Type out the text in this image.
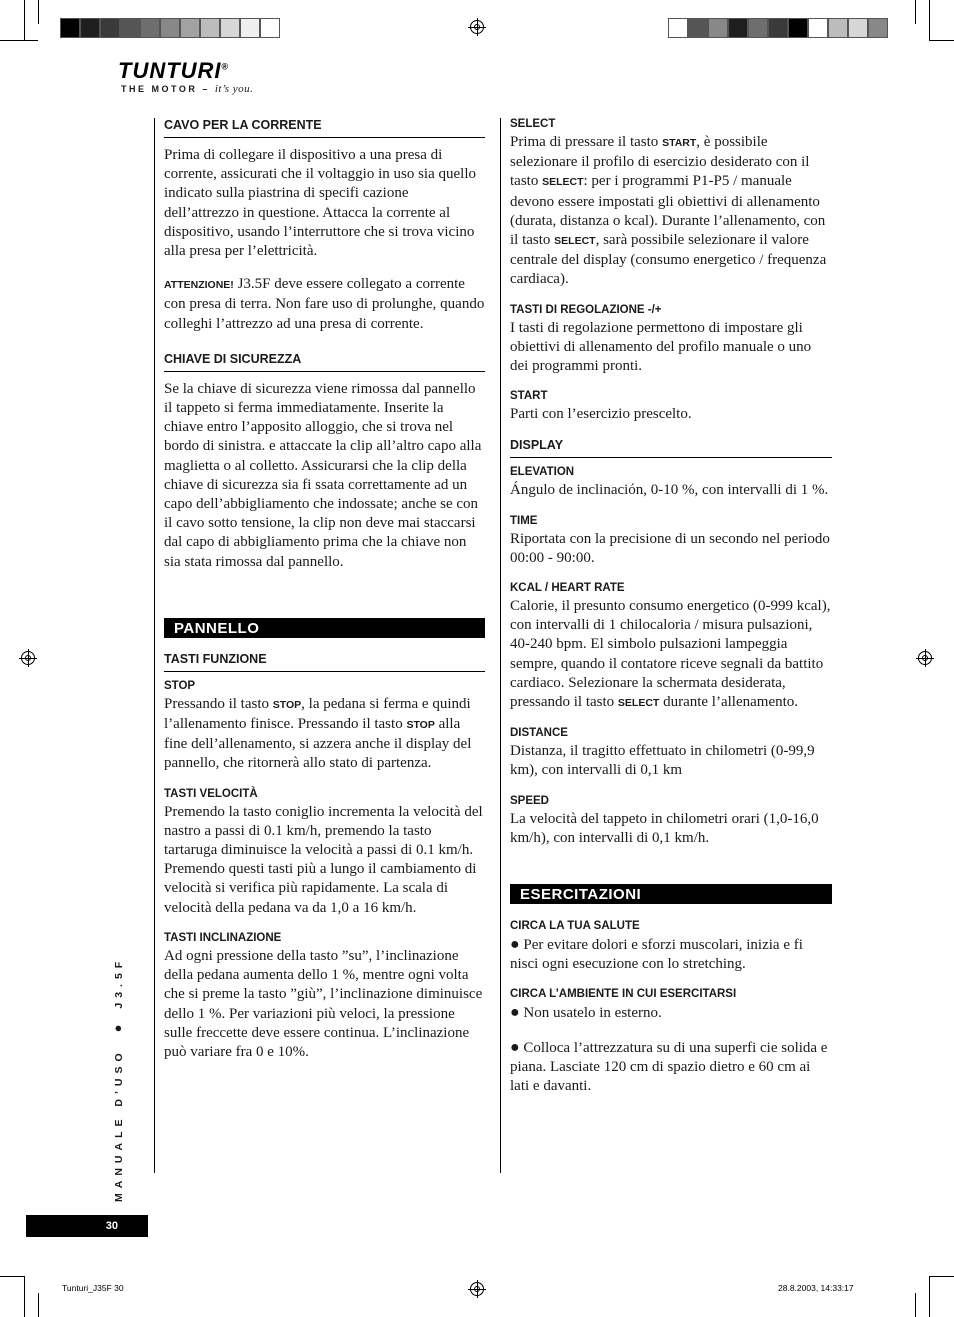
TUNTURI®
THE MOTOR – it’s you.
CAVO PER LA CORRENTE
Prima di collegare il dispositivo a una presa di corrente, assicurati che il voltaggio in uso sia quello indicato sulla piastrina di specifi cazione dell’attrezzo in questione. Attacca la corrente al dispositivo, usando l’interruttore che si trova vicino alla presa per l’elettricità.
ATTENZIONE! J3.5F deve essere collegato a corrente con presa di terra. Non fare uso di prolunghe, quando colleghi l’attrezzo ad una presa di corrente.
CHIAVE DI SICUREZZA
Se la chiave di sicurezza viene rimossa dal pannello il tappeto si ferma immediatamente. Inserite la chiave entro l’apposito alloggio, che si trova nel bordo di sinistra. e attaccate la clip all’altro capo alla maglietta o al colletto. Assicurarsi che la clip della chiave di sicurezza sia fi ssata correttamente ad un capo dell’abbigliamento che indossate; anche se con il cavo sotto tensione, la clip non deve mai staccarsi dal capo di abbigliamento prima che la chiave non sia stata rimossa dal pannello.
PANNELLO
TASTI FUNZIONE
STOP
Pressando il tasto STOP, la pedana si ferma e quindi l’allenamento finisce. Pressando il tasto STOP alla fine dell’allenamento, si azzera anche il display del pannello, che ritornerà allo stato di partenza.
TASTI VELOCITÀ
Premendo la tasto coniglio incrementa la velocità del nastro a passi di 0.1 km/h, premendo la tasto tartaruga diminuisce la velocità a passi di 0.1 km/h. Premendo questi tasti più a lungo il cambiamento di velocità si verifica più rapidamente. La scala di velocità della pedana va da 1,0 a 16 km/h.
TASTI INCLINAZIONE
Ad ogni pressione della tasto ”su”, l’inclinazione della pedana aumenta dello 1 %, mentre ogni volta che si preme la tasto ”giù”, l’inclinazione diminuisce dello 1 %. Per variazioni più veloci, la pressione sulle freccette deve essere continua. L’inclinazione può variare fra 0 e 10%.
SELECT
Prima di pressare il tasto START, è possibile selezionare il profilo di esercizio desiderato con il tasto SELECT: per i programmi P1-P5 / manuale devono essere impostati gli obiettivi di allenamento (durata, distanza o kcal). Durante l’allenamento, con il tasto SELECT, sarà possibile selezionare il valore centrale del display (consumo energetico / frequenza cardiaca).
TASTI DI REGOLAZIONE -/+
I tasti di regolazione permettono di impostare gli obiettivi di allenamento del profilo manuale o uno dei programmi pronti.
START
Parti con l’esercizio prescelto.
DISPLAY
ELEVATION
Ángulo de inclinación, 0-10 %, con intervalli di 1 %.
TIME
Riportata con la precisione di un secondo nel periodo 00:00 - 90:00.
KCAL / HEART RATE
Calorie, il presunto consumo energetico (0-999 kcal), con intervalli di 1 chilocaloria / misura pulsazioni, 40-240 bpm. El simbolo pulsazioni lampeggia sempre, quando il contatore riceve segnali da battito cardiaco. Selezionare la schermata desiderata, pressando il tasto SELECT durante l’allenamento.
DISTANCE
Distanza, il tragitto effettuato in chilometri (0-99,9 km), con intervalli di 0,1 km
SPEED
La velocità del tappeto in chilometri orari (1,0-16,0 km/h), con intervalli di 0,1 km/h.
ESERCITAZIONI
CIRCA LA TUA SALUTE
● Per evitare dolori e sforzi muscolari, inizia e fi nisci ogni esecuzione con lo stretching.
CIRCA L’AMBIENTE IN CUI ESERCITARSI
● Non usatelo in esterno.
● Colloca l’attrezzatura su di una superfi cie solida e piana. Lasciate 120 cm di spazio dietro e 60 cm ai lati e davanti.
MANUALE D’USO ● J3.5F
30
Tunturi_J35F 30	28.8.2003, 14:33:17
